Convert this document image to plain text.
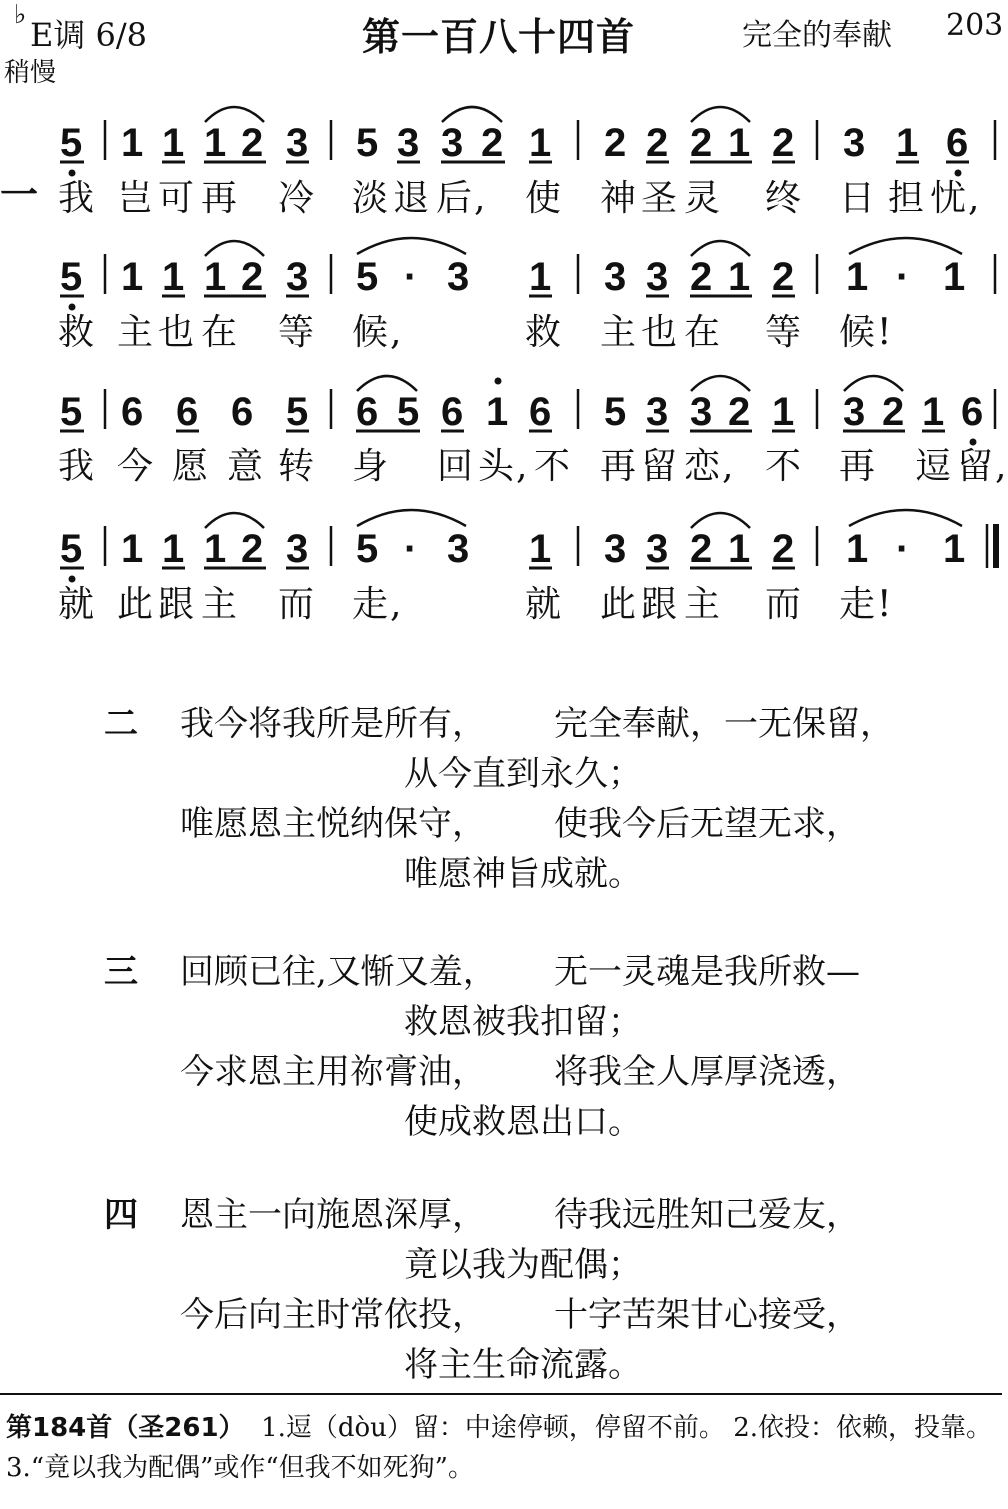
♭
E调 6/8
稍慢
第一百八十四首	完全的奉献 203
一
5 1 1 1 2 3 5 3 3 2 1 2 2 2 1 2 3 1 6
我 岂 可 再 冷 淡 退 后, 使 神 圣 灵 终 日 担 忧,
5 1 1 1 2 3 5 · 3 1 3 3 2 1 2 1 · 1
救 主 也 在 等 候,	救 主 也 在 等 候!
5 6 6 6 5 6 5 6 1 6 5 3 3 2 1 3 2 1 6
我 今 愿 意 转 身 回 头, 不 再 留 恋, 不 再 逗 留,
5 1 1 1 2 3 5 · 3 1 3 3 2 1 2 1 · 1
就 此 跟 主 而 走,	就 此 跟 主 而 走!
二 我今将我所是所有， 完全奉献，一无保留，
从今直到永久；
唯愿恩主悦纳保守， 使我今后无望无求，
唯愿神旨成就。
三 回顾已往,又惭又羞， 无一灵魂是我所救—
救恩被我扣留；
今求恩主用祢膏油， 将我全人厚厚浇透，
使成救恩出口。
四 恩主一向施恩深厚， 待我远胜知己爱友，
竟以我为配偶；
今后向主时常依投， 十字苦架甘心接受，
将主生命流露。
第184首（圣261） 1.逗（dòu）留：中途停顿，停留不前。 2.依投：依赖，投靠。 3.“竟以我为配偶”或作“但我不如死狗”。
